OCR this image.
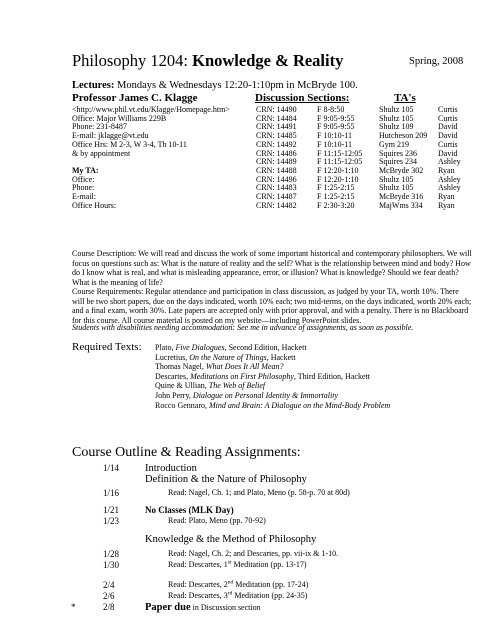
Philosophy 1204: Knowledge & Reality	Spring, 2008
Lectures: Mondays & Wednesdays 12:20-1:10pm in McBryde 100.
Professor James C. Klagge	Discussion Sections:	TA's
<http://www.phil.vt.edu/Klagge/Homepage.htm>
Office: Major Williams 229B
Phone: 231-8487
E-mail: jklagge@vt.edu
Office Hrs: M 2-3, W 3-4, Th 10-11
& by appointment

My TA:
Office:
Phone:
E-mail:
Office Hours:
CRN: 14490	F 8-8:50	Shultz 105	Curtis
CRN: 14484	F 9:05-9:55	Shultz 105	Curtis
CRN: 14491	F 9:05-9:55	Shultz 109	David
CRN: 14485	F 10:10-11	Hutcheson 209	David
CRN: 14492	F 10:10-11	Gym 219	Curtis
CRN: 14486	F 11:15-12:05	Squires 236	David
CRN: 14489	F 11:15-12:05	Squires 234	Ashley
CRN: 14488	F 12:20-1:10	McBryde 302	Ryan
CRN: 14496	F 12:20-1:10	Shultz 105	Ashley
CRN: 14483	F 1:25-2:15	Shultz 105	Ashley
CRN: 14487	F 1:25-2:15	McBryde 316	Ryan
CRN: 14482	F 2:30-3:20	MajWms 334	Ryan
Course Description: We will read and discuss the work of some important historical and contemporary philosophers. We will focus on questions such as: What is the nature of reality and the self? What is the relationship between mind and body? How do I know what is real, and what is misleading appearance, error, or illusion? What is knowledge? Should we fear death? What is the meaning of life?
Course Requirements: Regular attendance and participation in class discussion, as judged by your TA, worth 10%. There will be two short papers, due on the days indicated, worth 10% each; two mid-terms, on the days indicated, worth 20% each; and a final exam, worth 30%. Late papers are accepted only with prior approval, and with a penalty. There is no Blackboard for this course. All course material is posted on my website—including PowerPoint slides.
Students with disabilities needing accommodation: See me in advance of assignments, as soon as possible.
Required Texts: Plato, Five Dialogues, Second Edition, Hackett
Lucretius, On the Nature of Things, Hackett
Thomas Nagel, What Does It All Mean?
Descartes, Meditations on First Philosophy, Third Edition, Hackett
Quine & Ullian, The Web of Belief
John Perry, Dialogue on Personal Identity & Immortality
Rocco Gennaro, Mind and Brain: A Dialogue on the Mind-Body Problem
Course Outline & Reading Assignments:
1/14 Introduction
Definition & the Nature of Philosophy
1/16	Read: Nagel, Ch. 1; and Plato, Meno (p. 58-p. 70 at 80d)
1/21	No Classes (MLK Day)
1/23	Read: Plato, Meno (pp. 70-92)
Knowledge & the Method of Philosophy
1/28	Read: Nagel, Ch. 2; and Descartes, pp. vii-ix & 1-10.
1/30	Read: Descartes, 1st Meditation (pp. 13-17)
2/4	Read: Descartes, 2nd Meditation (pp. 17-24)
2/6	Read: Descartes, 3rd Meditation (pp. 24-35)
*	2/8	Paper due in Discussion section
